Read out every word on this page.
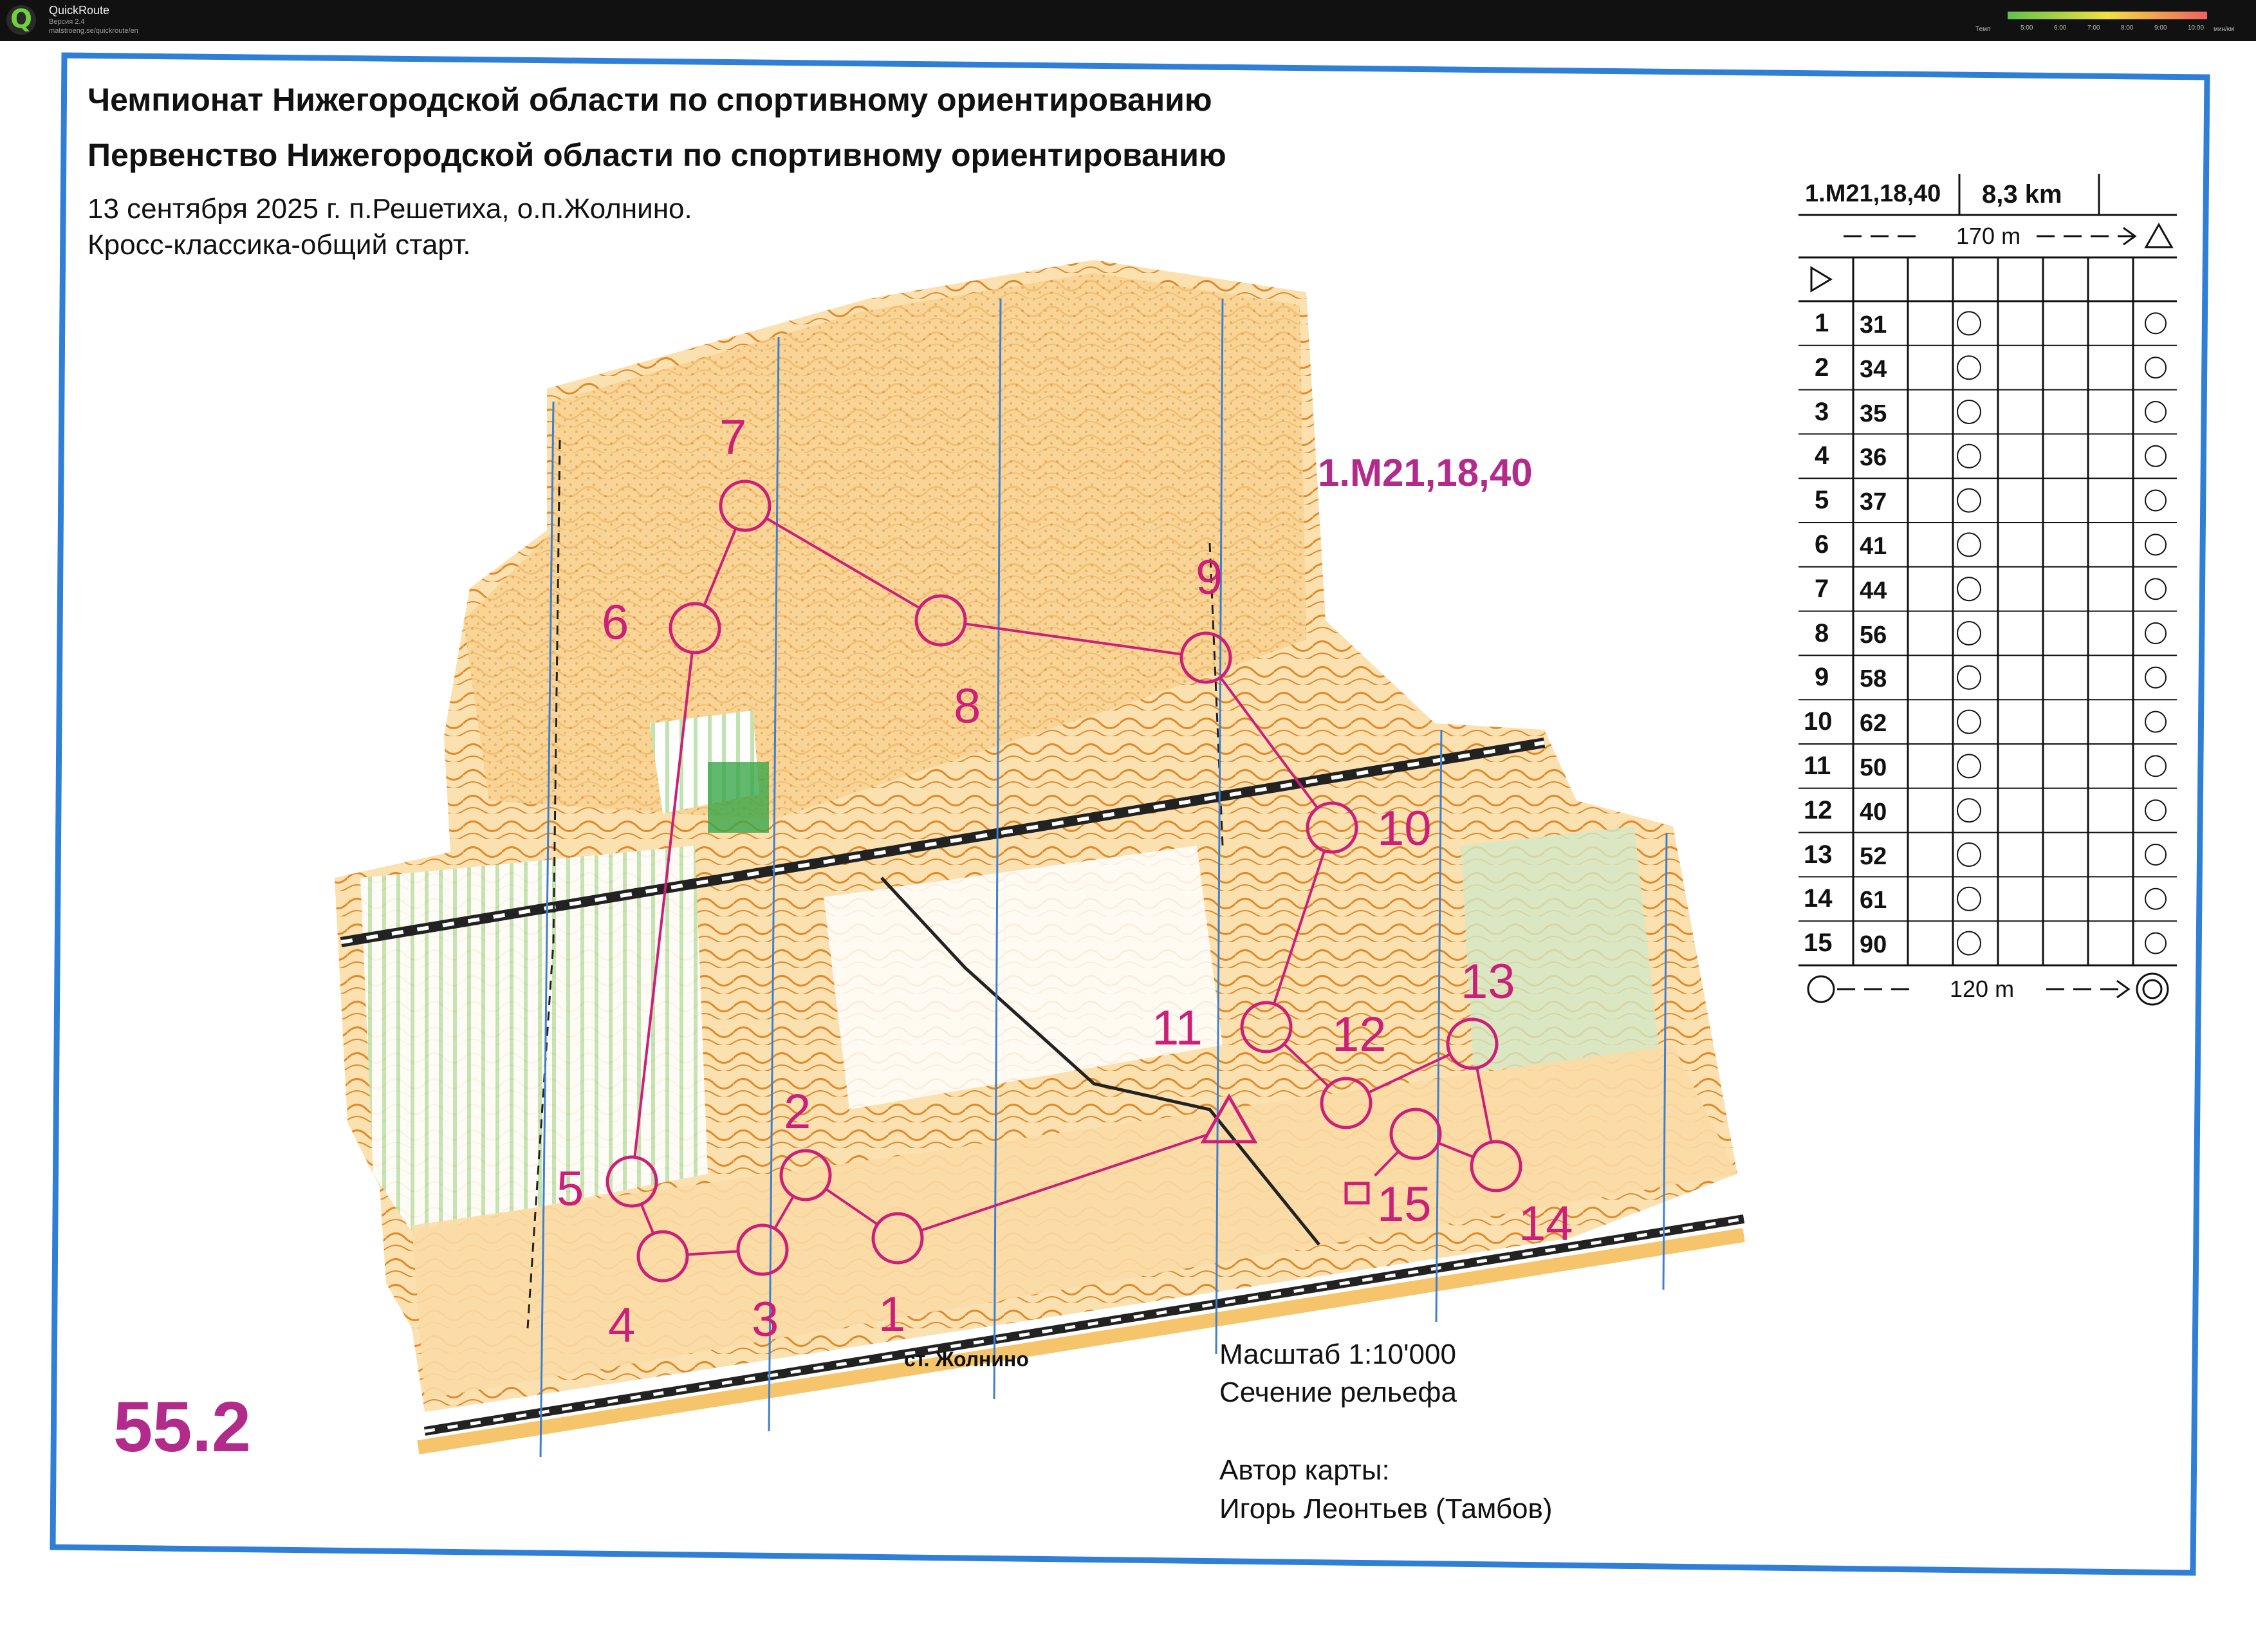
Q	QuickRoute
Версия 2.4
matstroeng.se/quickroute/en	Темп	5:00	6:00	7:00	8:00	9:00	10:00 мин/км
Чемпионат Нижегородской области по спортивному ориентированию
Первенство Нижегородской области по спортивному ориентированию
13 сентября 2025 г. п.Решетиха, о.п.Жолнино.
Кросс-классика-общий старт.
1.M21,18,40
55.2
ст. Жолнино	Масштаб 1:10'000
Сечение рельефа
Автор карты:
Игорь Леонтьев (Тамбов)
1
2
3
4
5
6
7
8
9
10
11	12
13
14
15
1.M21,18,40 8,3 km
170 m
120 m
1 31
2 34
3 35
4 36
5 37
6 41
7 44
8 56
9 58
10 62
11 50
12 40
13 52
14 61
15 90
